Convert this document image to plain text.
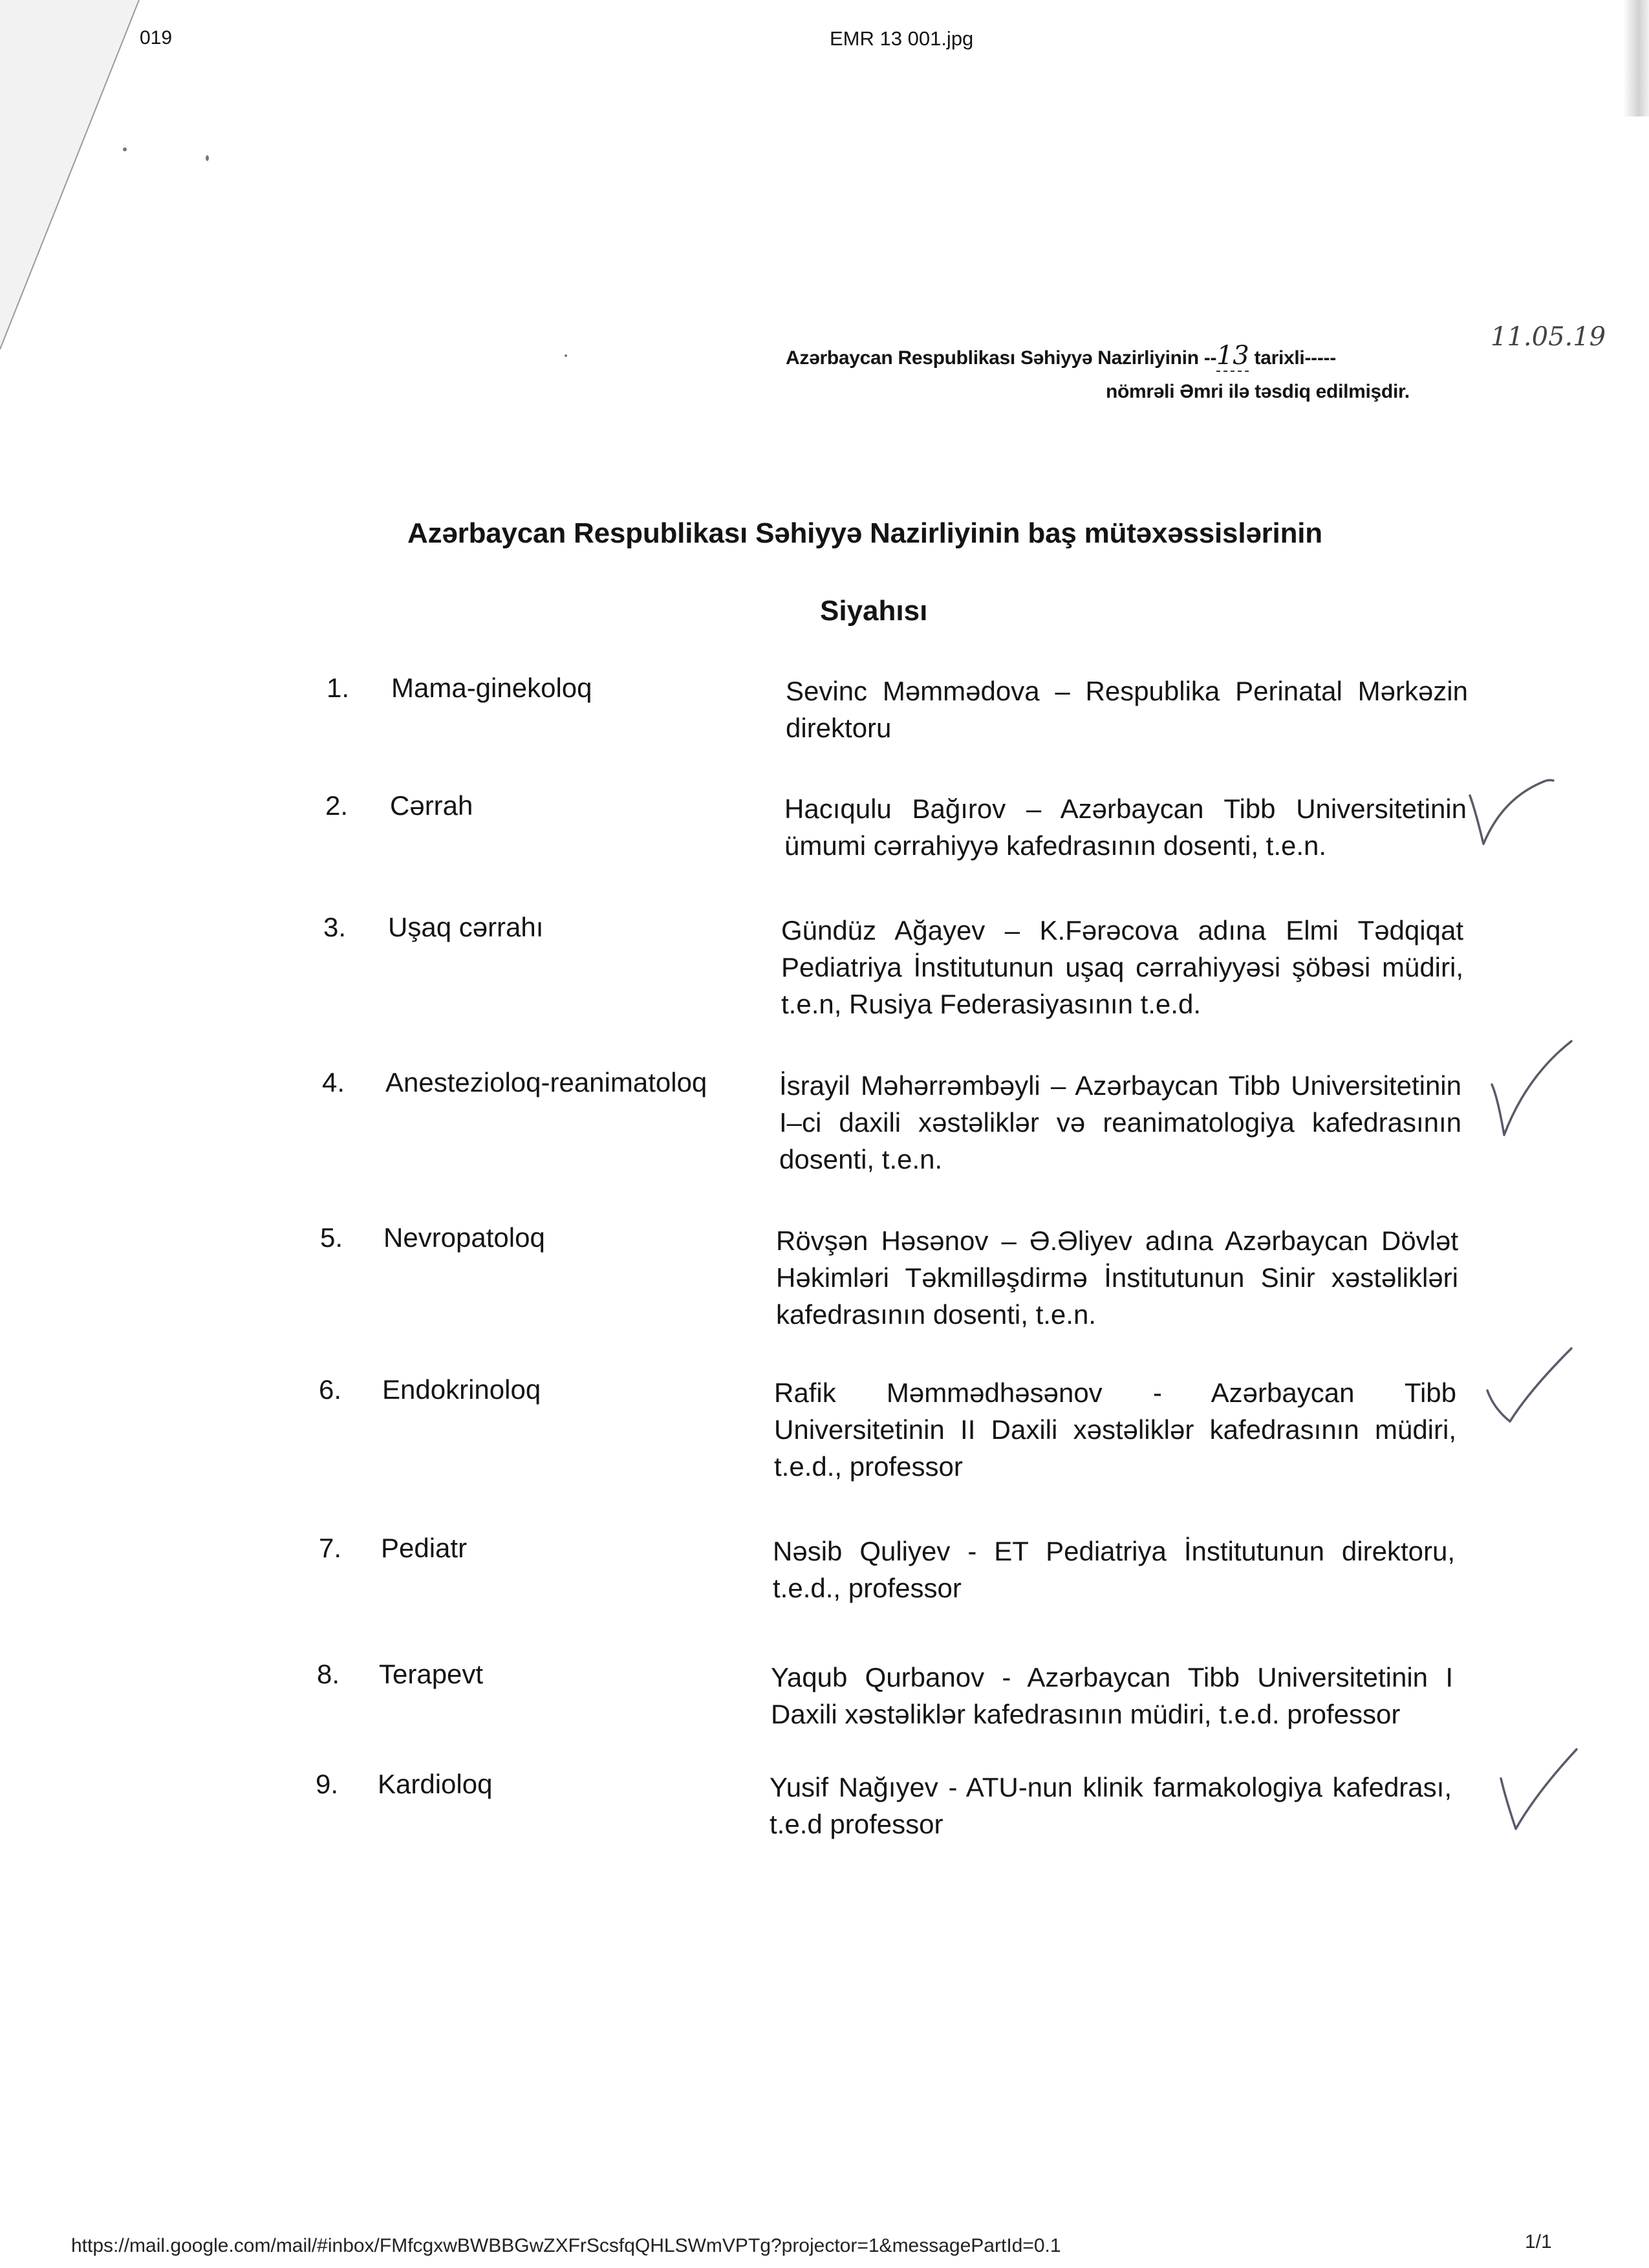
019	EMR 13 001.jpg
Azərbaycan Respublikası Səhiyyə Nazirliyinin --13 tarixli-----
11.05.19
nömrəli Əmri ilə təsdiq edilmişdir.
Azərbaycan Respublikası Səhiyyə Nazirliyinin baş mütəxəssislərinin
Siyahısı
1. Mama-ginekoloq	Sevinc Məmmədova – Respublika Perinatal Mərkəzin direktoru
2. Cərrah	Hacıqulu Bağırov – Azərbaycan Tibb Universitetinin ümumi cərrahiyyə kafedrasının dosenti, t.e.n.
3. Uşaq cərrahı	Gündüz Ağayev – K.Fərəcova adına Elmi Tədqiqat Pediatriya İnstitutunun uşaq cərrahiyyəsi şöbəsi müdiri, t.e.n, Rusiya Federasiyasının t.e.d.
4. Anestezioloq-reanimatoloq	İsrayil Məhərrəmbəyli – Azərbaycan Tibb Universitetinin I–ci daxili xəstəliklər və reanimatologiya kafedrasının dosenti, t.e.n.
5. Nevropatoloq	Rövşən Həsənov – Ə.Əliyev adına Azərbaycan Dövlət Həkimləri Təkmilləşdirmə İnstitutunun Sinir xəstəlikləri kafedrasının dosenti, t.e.n.
6. Endokrinoloq	Rafik Məmmədhəsənov - Azərbaycan Tibb Universitetinin II Daxili xəstəliklər kafedrasının müdiri, t.e.d., professor
7. Pediatr	Nəsib Quliyev - ET Pediatriya İnstitutunun direktoru, t.e.d., professor
8. Terapevt	Yaqub Qurbanov - Azərbaycan Tibb Universitetinin I Daxili xəstəliklər kafedrasının müdiri, t.e.d. professor
9. Kardioloq	Yusif Nağıyev - ATU-nun klinik farmakologiya kafedrası, t.e.d professor
https://mail.google.com/mail/#inbox/FMfcgxwBWBBGwZXFrScsfqQHLSWmVPTg?projector=1&messagePartId=0.1	1/1
